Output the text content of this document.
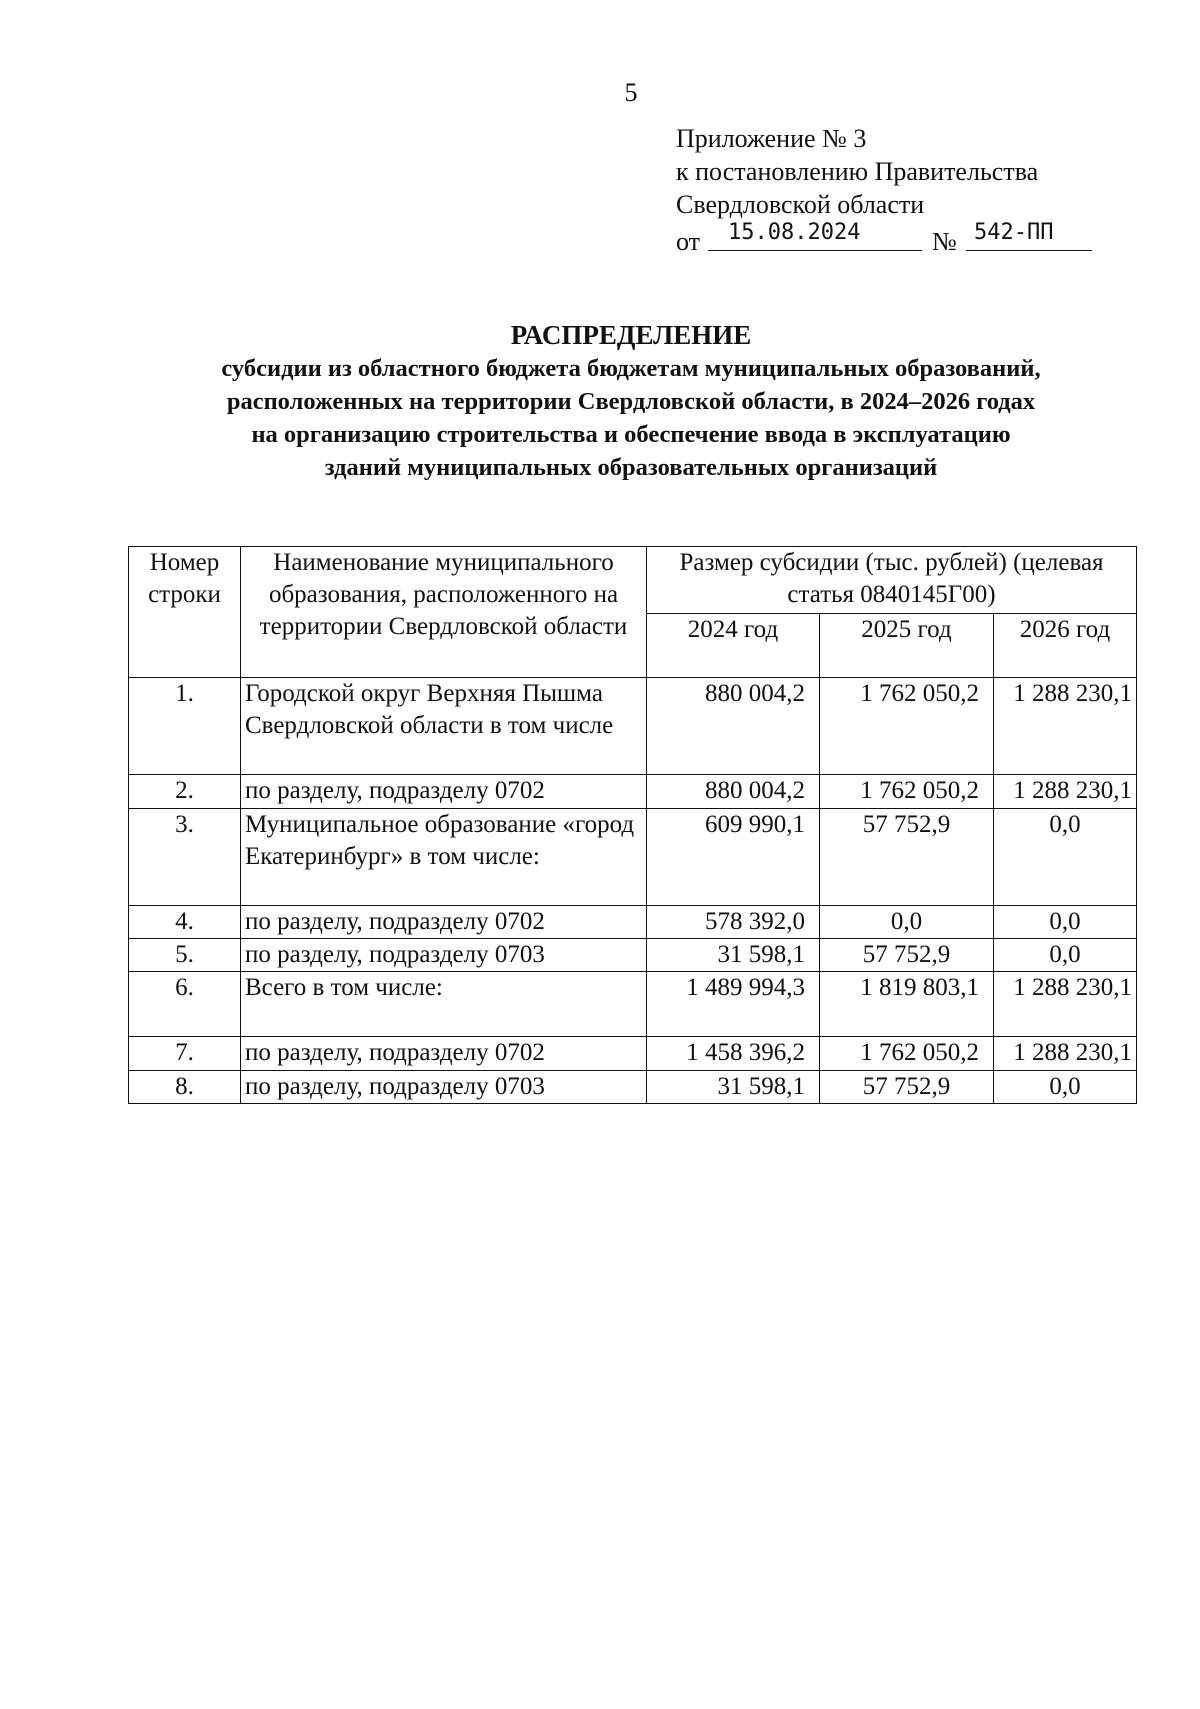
5
Приложение № 3
к постановлению Правительства
Свердловской области
от	15.08.2024	№ 542-ПП
РАСПРЕДЕЛЕНИЕ
субсидии из областного бюджета бюджетам муниципальных образований,
расположенных на территории Свердловской области, в 2024–2026 годах
на организацию строительства и обеспечение ввода в эксплуатацию
зданий муниципальных образовательных организаций
Номер строки	Наименование муниципального образования, расположенного на территории Свердловской области	Размер субсидии (тыс. рублей) (целевая статья 0840145Г00)		
		2024 год	2025 год	2026 год
1.	Городской округ Верхняя Пышма Свердловской области в том числе	880 004,2	1 762 050,2	1 288 230,1
2.	по разделу, подразделу 0702	880 004,2	1 762 050,2	1 288 230,1
3.	Муниципальное образование «город Екатеринбург» в том числе:	609 990,1	57 752,9	0,0
4.	по разделу, подразделу 0702	578 392,0	0,0	0,0
5.	по разделу, подразделу 0703	31 598,1	57 752,9	0,0
6.	Всего в том числе:	1 489 994,3	1 819 803,1	1 288 230,1
7.	по разделу, подразделу 0702	1 458 396,2	1 762 050,2	1 288 230,1
8.	по разделу, подразделу 0703	31 598,1	57 752,9	0,0
